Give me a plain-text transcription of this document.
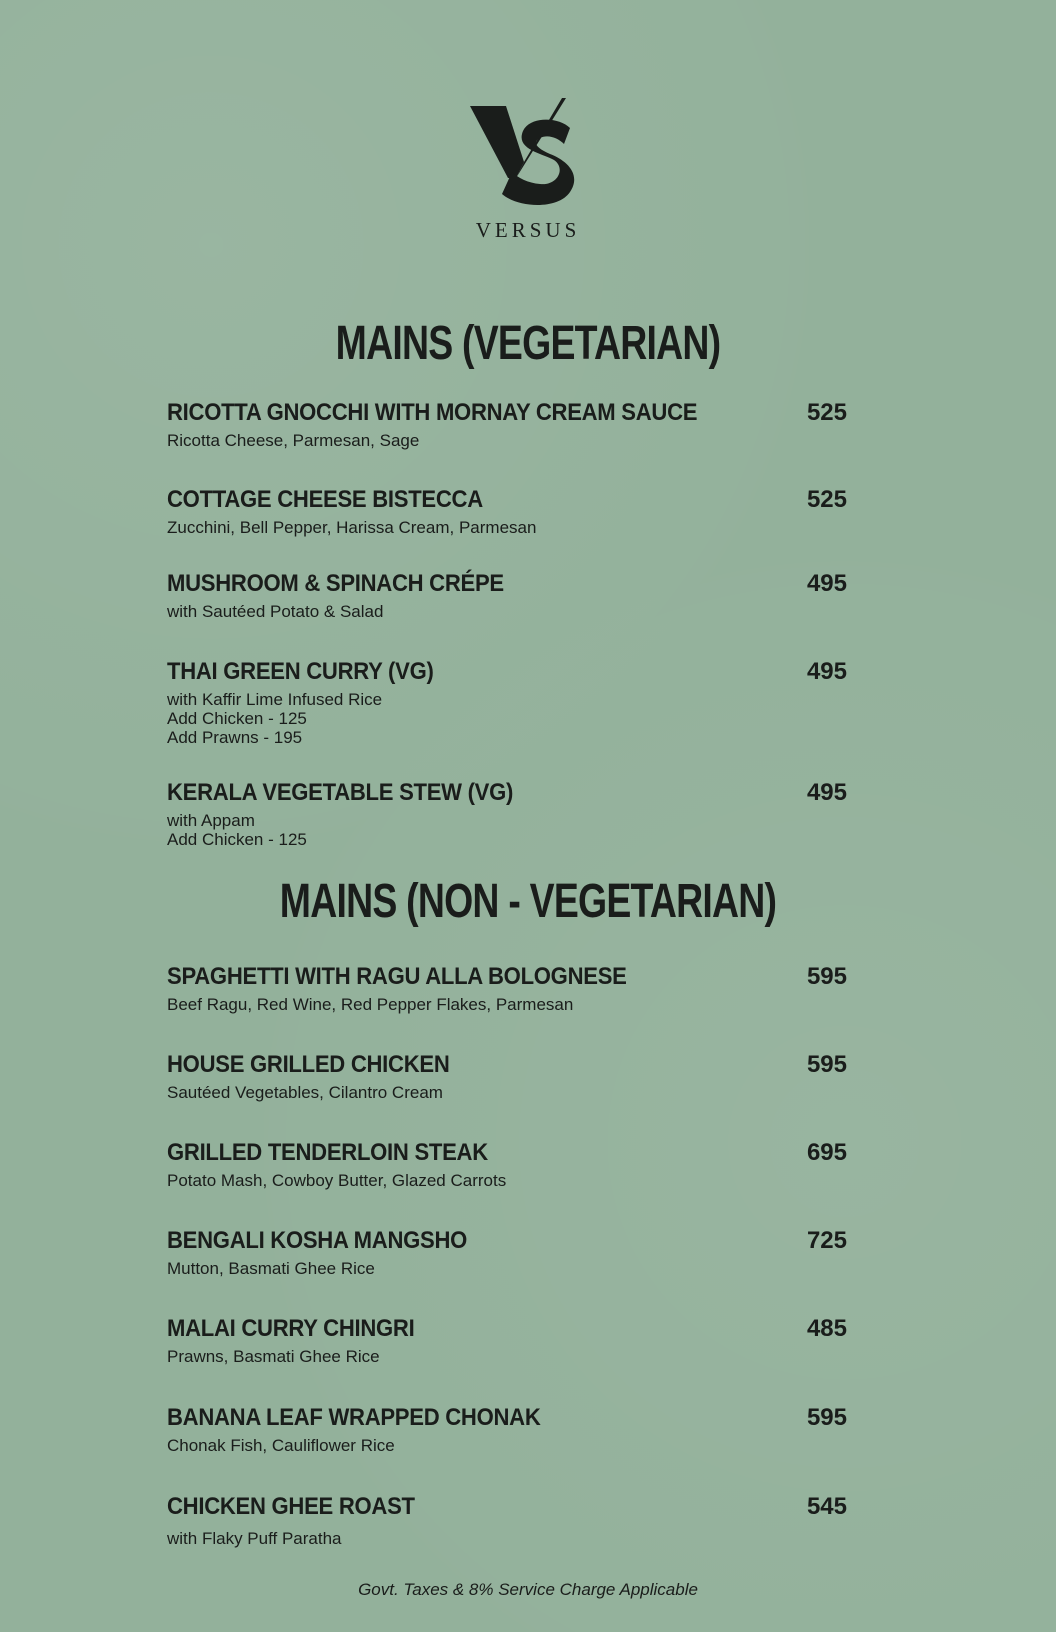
VERSUS
MAINS (VEGETARIAN)
RICOTTA GNOCCHI WITH MORNAY CREAM SAUCE
Ricotta Cheese, Parmesan, Sage
525
COTTAGE CHEESE BISTECCA
Zucchini, Bell Pepper, Harissa Cream, Parmesan
525
MUSHROOM & SPINACH CRÉPE
with Sautéed Potato & Salad
495
THAI GREEN CURRY (VG)
with Kaffir Lime Infused Rice
Add Chicken - 125
Add Prawns - 195
495
KERALA VEGETABLE STEW (VG)
with Appam
Add Chicken - 125
495
MAINS (NON - VEGETARIAN)
SPAGHETTI WITH RAGU ALLA BOLOGNESE
Beef Ragu, Red Wine, Red Pepper Flakes, Parmesan
595
HOUSE GRILLED CHICKEN
Sautéed Vegetables, Cilantro Cream
595
GRILLED TENDERLOIN STEAK
Potato Mash, Cowboy Butter, Glazed Carrots
695
BENGALI KOSHA MANGSHO
Mutton, Basmati Ghee Rice
725
MALAI CURRY CHINGRI
Prawns, Basmati Ghee Rice
485
BANANA LEAF WRAPPED CHONAK
Chonak Fish, Cauliflower Rice
595
CHICKEN GHEE ROAST
with Flaky Puff Paratha
545
Govt. Taxes & 8% Service Charge Applicable
